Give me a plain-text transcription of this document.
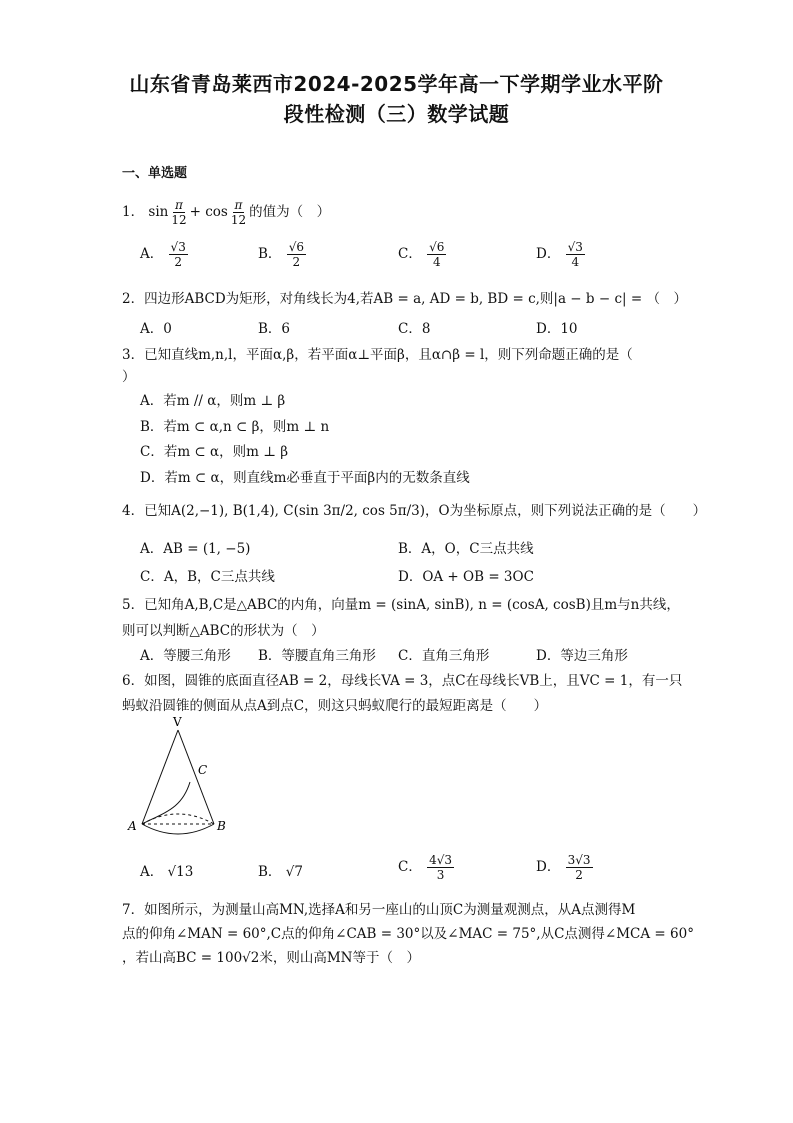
山东省青岛莱西市2024-2025学年高一下学期学业水平阶
段性检测（三）数学试题
一、单选题
1． $\sin \frac{\pi}{12} + \cos \frac{\pi}{12}$ 的值为（　）
A． $\frac{√3}{2}$	B． $\frac{√6}{2}$	C． $\frac{√6}{4}$	D． $\frac{√3}{4}$
2．四边形ABCD为矩形，对角线长为4,若AB = a, AD = b, BD = c,则|a − b − c| = （　）
A．0	B．6	C．8	D．10
3．已知直线m,n,l，平面α,β，若平面α⊥平面β，且α∩β = l，则下列命题正确的是（
）
A．若m // α，则m ⊥ β
B．若m ⊂ α,n ⊂ β，则m ⊥ n
C．若m ⊂ α，则m ⊥ β
D．若m ⊂ α，则直线m必垂直于平面β内的无数条直线
4．已知A(2,−1), B(1,4), C(sin 3π/2, cos 5π/3)，O为坐标原点，则下列说法正确的是（　　）
A．AB = (1, −5)	B．A，O，C三点共线
C．A，B，C三点共线	D．OA + OB = 3OC
5．已知角A,B,C是△ABC的内角，向量m = (sinA, sinB), n = (cosA, cosB)且m与n共线，
则可以判断△ABC的形状为（　）
A．等腰三角形 B．等腰直角三角形 C．直角三角形	D．等边三角形
6．如图，圆锥的底面直径AB = 2，母线长VA = 3，点C在母线长VB上，且VC = 1，有一只
蚂蚁沿圆锥的侧面从点A到点C，则这只蚂蚁爬行的最短距离是（　　）
V
C
A	B
A． √13	B． √7	C． $\frac{4√3}{3}$	D． $\frac{3√3}{2}$
7．如图所示，为测量山高MN,选择A和另一座山的山顶C为测量观测点，从A点测得M
点的仰角∠MAN = 60°,C点的仰角∠CAB = 30°以及∠MAC = 75°,从C点测得∠MCA = 60°
，若山高BC = 100√2米，则山高MN等于（　）
